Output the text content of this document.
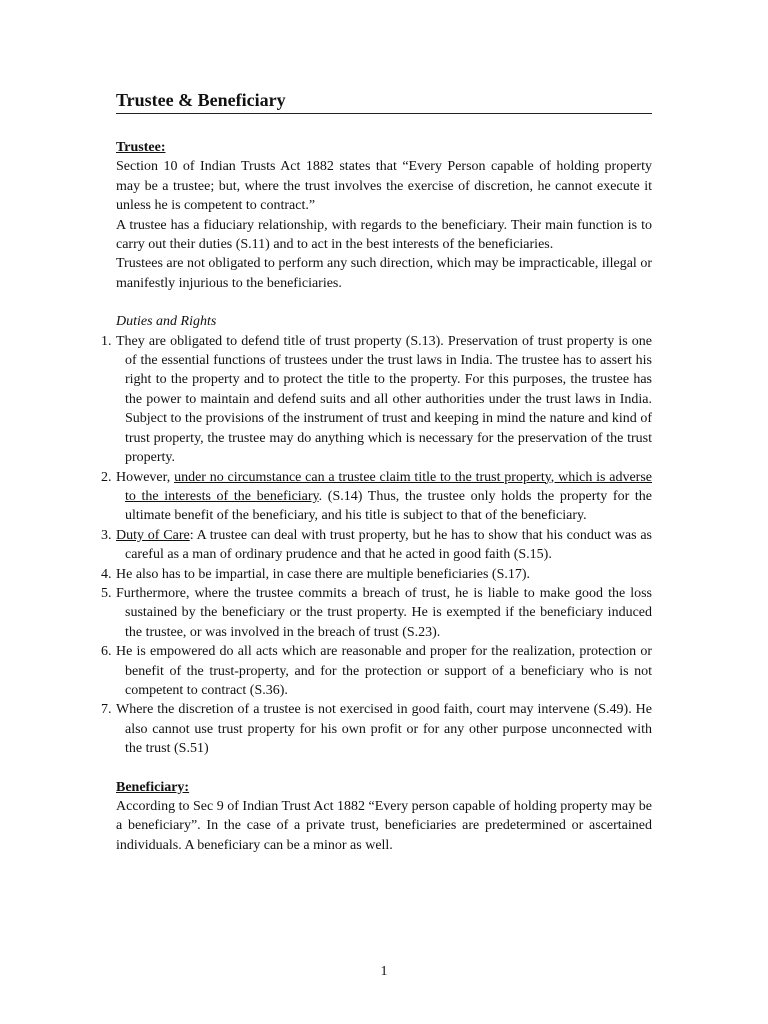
Trustee & Beneficiary

Trustee:

Section 10 of Indian Trusts Act 1882 states that “Every Person capable of holding property may be a trustee; but, where the trust involves the exercise of discretion, he cannot execute it unless he is competent to contract.”

A trustee has a fiduciary relationship, with regards to the beneficiary. Their main function is to carry out their duties (S.11) and to act in the best interests of the beneficiaries.

Trustees are not obligated to perform any such direction, which may be impracticable, illegal or manifestly injurious to the beneficiaries.

Duties and Rights

1. They are obligated to defend title of trust property (S.13). Preservation of trust property is one of the essential functions of trustees under the trust laws in India. The trustee has to assert his right to the property and to protect the title to the property. For this purposes, the trustee has the power to maintain and defend suits and all other authorities under the trust laws in India. Subject to the provisions of the instrument of trust and keeping in mind the nature and kind of trust property, the trustee may do anything which is necessary for the preservation of the trust property.
2. However, under no circumstance can a trustee claim title to the trust property, which is adverse to the interests of the beneficiary. (S.14) Thus, the trustee only holds the property for the ultimate benefit of the beneficiary, and his title is subject to that of the beneficiary.
3. Duty of Care: A trustee can deal with trust property, but he has to show that his conduct was as careful as a man of ordinary prudence and that he acted in good faith (S.15).
4. He also has to be impartial, in case there are multiple beneficiaries (S.17).
5. Furthermore, where the trustee commits a breach of trust, he is liable to make good the loss sustained by the beneficiary or the trust property. He is exempted if the beneficiary induced the trustee, or was involved in the breach of trust (S.23).
6. He is empowered do all acts which are reasonable and proper for the realization, protection or benefit of the trust-property, and for the protection or support of a beneficiary who is not competent to contract (S.36).
7. Where the discretion of a trustee is not exercised in good faith, court may intervene (S.49). He also cannot use trust property for his own profit or for any other purpose unconnected with the trust (S.51)

Beneficiary:

According to Sec 9 of Indian Trust Act 1882 “Every person capable of holding property may be a beneficiary”. In the case of a private trust, beneficiaries are predetermined or ascertained individuals. A beneficiary can be a minor as well.

1
